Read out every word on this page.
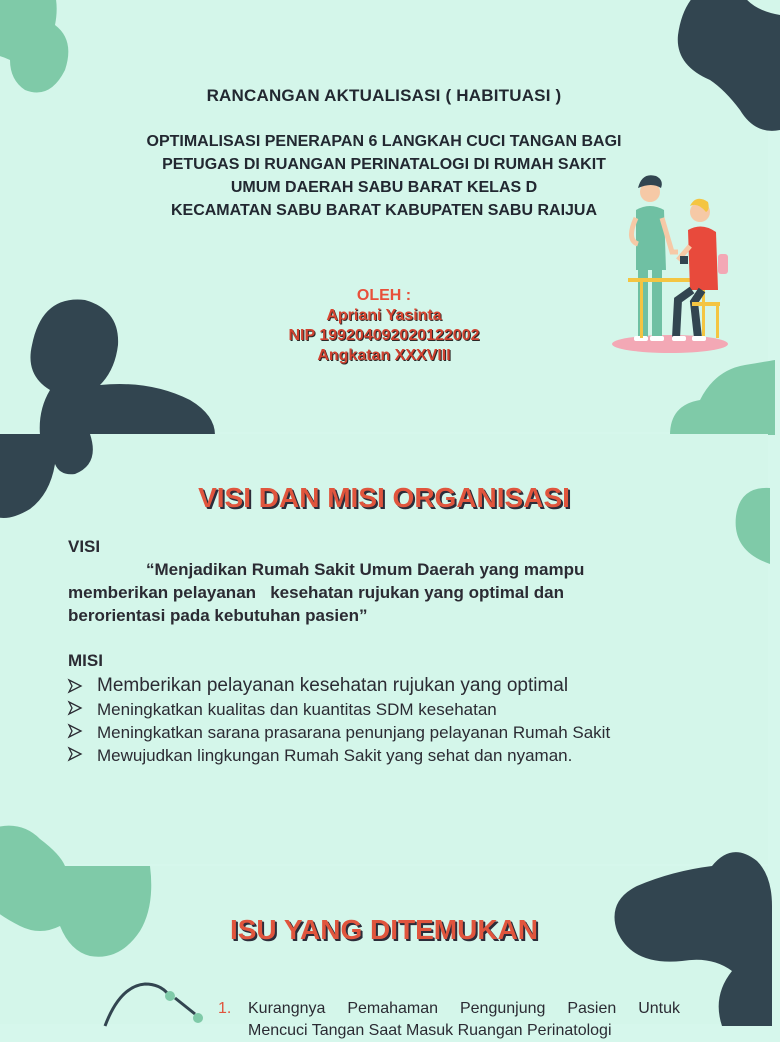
RANCANGAN AKTUALISASI ( HABITUASI )
OPTIMALISASI PENERAPAN 6 LANGKAH CUCI TANGAN BAGI
PETUGAS DI RUANGAN PERINATALOGI DI RUMAH SAKIT
UMUM DAERAH SABU BARAT KELAS D
KECAMATAN SABU BARAT KABUPATEN SABU RAIJUA
OLEH :
Apriani Yasinta
NIP 199204092020122002
Angkatan XXXVIII
VISI DAN MISI ORGANISASI
VISI
“Menjadikan Rumah Sakit Umum Daerah yang mampu
memberikan pelayanan   kesehatan rujukan yang optimal dan
berorientasi pada kebutuhan pasien”
MISI
Memberikan pelayanan kesehatan rujukan yang optimal
Meningkatkan kualitas dan kuantitas SDM kesehatan
Meningkatkan sarana prasarana penunjang pelayanan Rumah Sakit
Mewujudkan lingkungan Rumah Sakit yang sehat dan nyaman.
ISU YANG DITEMUKAN
1. Kurangnya Pemahaman Pengunjung Pasien Untuk
Mencuci Tangan Saat Masuk Ruangan Perinatologi
